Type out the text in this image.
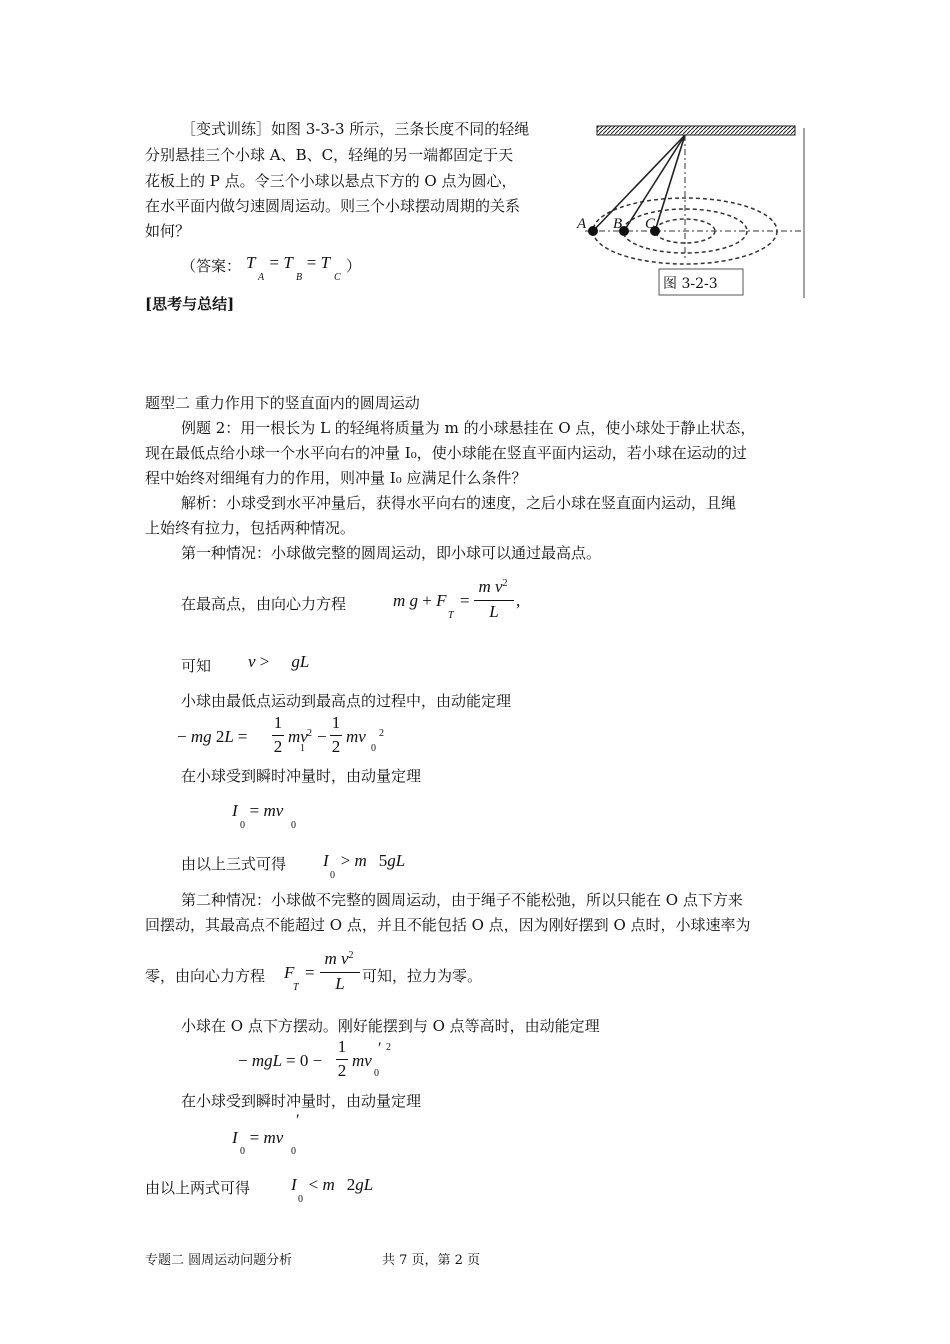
［变式训练］如图 3-3-3 所示，三条长度不同的轻绳
分别悬挂三个小球 A、B、C，轻绳的另一端都固定于天
花板上的 P 点。令三个小球以悬点下方的 O 点为圆心，
在水平面内做匀速圆周运动。则三个小球摆动周期的关系
如何？
（答案： T = T = T
A	B	C
）
[思考与总结]
A B C
图 3-2-3
题型二 重力作用下的竖直面内的圆周运动
例题 2：用一根长为 L 的轻绳将质量为 m 的小球悬挂在 O 点，使小球处于静止状态，
现在最低点给小球一个水平向右的冲量 I₀，使小球能在竖直平面内运动，若小球在运动的过
程中始终对细绳有力的作用，则冲量 I₀ 应满足什么条件？
解析：小球受到水平冲量后，获得水平向右的速度，之后小球在竖直面内运动，且绳
上始终有拉力，包括两种情况。
第一种情况：小球做完整的圆周运动，即小球可以通过最高点。
在最高点，由向心力方程	m g + F
T
=
m $v^2$
L
,
可知 v > gL
小球由最低点运动到最高点的过程中，由动能定理
− mg 2L =
1
2
mv
1
2 −
1
2
mv
0
2
在小球受到瞬时冲量时，由动量定理
I = mv
0	0
由以上三式可得 I > m 5gL
0
第二种情况：小球做不完整的圆周运动，由于绳子不能松弛，所以只能在 O 点下方来
回摆动，其最高点不能超过 O 点，并且不能包括 O 点，因为刚好摆到 O 点时，小球速率为
零，由向心力方程 F
T
=
m $v^2$
L	可知，拉力为零。
小球在 O 点下方摆动。刚好能摆到与 O 点等高时，由动能定理
− mgL = 0 −
1
2
mv
0
′ 2
在小球受到瞬时冲量时，由动量定理
I = mv
0	0
′
由以上两式可得 I < m 2gL
0
专题二 圆周运动问题分析	共 7 页，第 2 页
